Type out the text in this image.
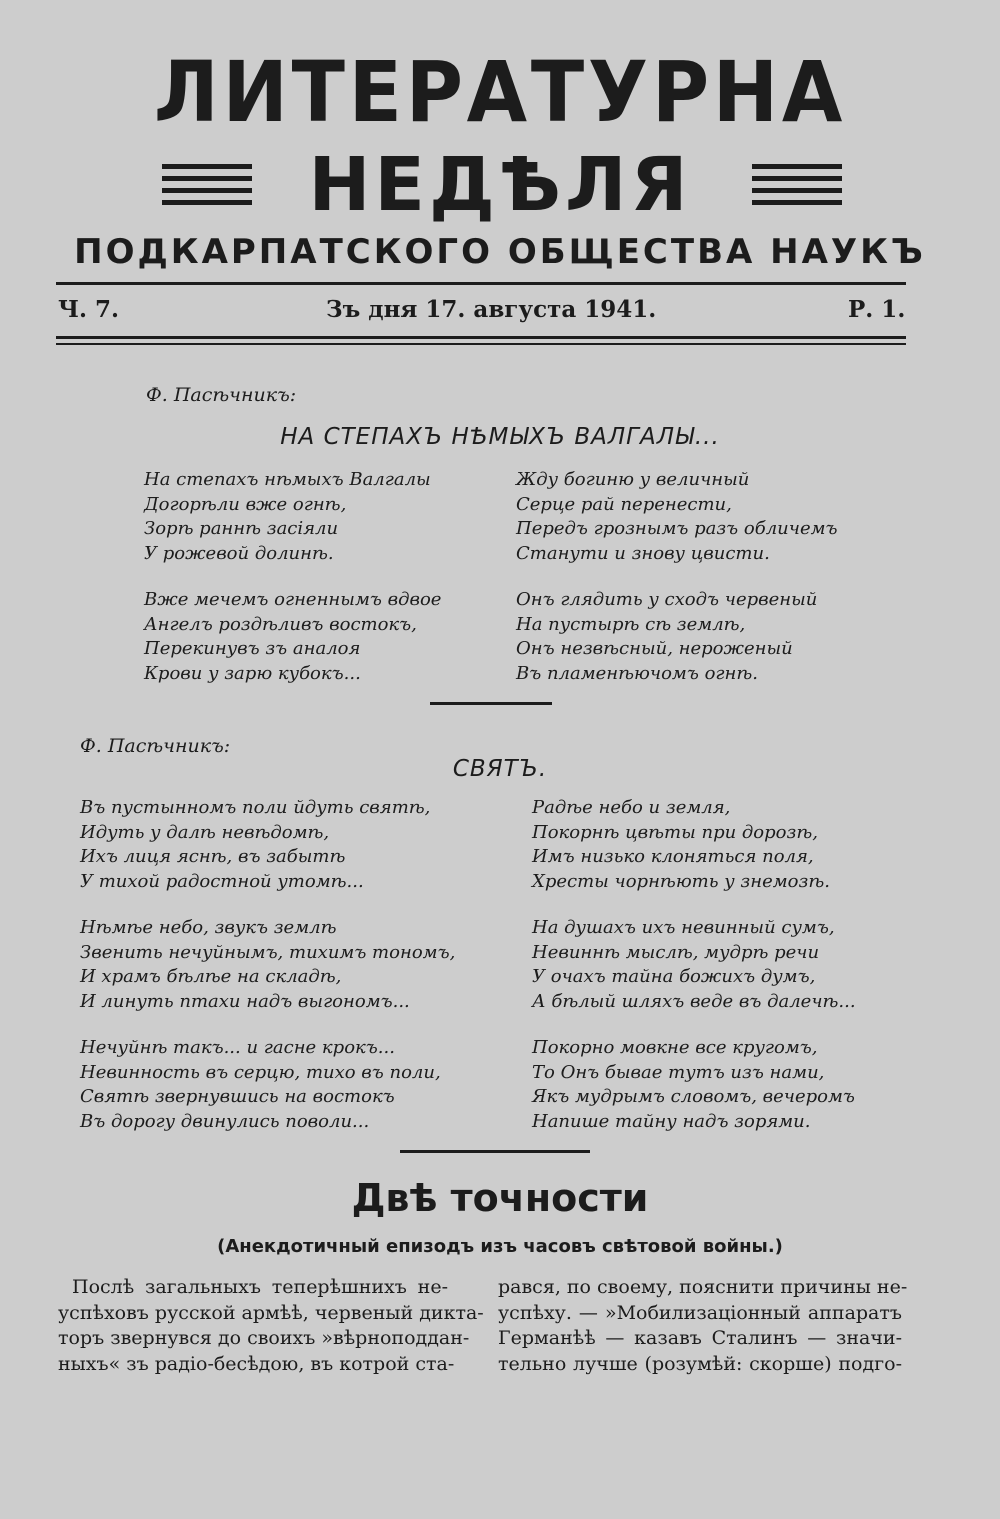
ЛИТЕРАТУРНА
НЕДѢЛЯ
ПОДКАРПАТСКОГО ОБЩЕСТВА НАУКЪ
Ч. 7.	Зъ дня 17. августа 1941.	Р. 1.
Ф. Пасѣчникъ:
НА СТЕПАХЪ НѢМЫХЪ ВАЛГАЛЫ...
На степахъ нѣмыхъ Валгалы
Догорѣли вже огнѣ,
Зорѣ раннѣ засіяли
У рожевой долинѣ.
Вже мечемъ огненнымъ вдвое
Ангелъ роздѣливъ востокъ,
Перекинувъ зъ аналоя
Крови у зарю кубокъ...
Жду богиню у величный
Серце рай перенести,
Передъ грознымъ разъ обличемъ
Станути и знову цвисти.
Онъ глядить у сходъ червеный
На пустырѣ сѣ землѣ,
Онъ незвѣсный, нероженый
Въ пламенѣючомъ огнѣ.
Ф. Пасѣчникъ:
СВЯТЪ.
Въ пустынномъ поли йдуть святѣ,
Идуть у далѣ невѣдомѣ,
Ихъ лиця яснѣ, въ забытѣ
У тихой радостной утомѣ...
Нѣмѣе небо, звукъ землѣ
Звенить нечуйнымъ, тихимъ тономъ,
И храмъ бѣлѣе на складѣ,
И линуть птахи надъ выгономъ...
Нечуйнѣ такъ... и гасне крокъ...
Невинность въ серцю, тихо въ поли,
Святѣ звернувшись на востокъ
Въ дорогу двинулись поволи...
Радѣе небо и земля,
Покорнѣ цвѣты при дорозѣ,
Имъ низько клоняться поля,
Хресты чорнѣють у знемозѣ.
На душахъ ихъ невинный сумъ,
Невиннѣ мыслѣ, мудрѣ речи
У очахъ тайна божихъ думъ,
А бѣлый шляхъ веде въ далечѣ...
Покорно мовкне все кругомъ,
То Онъ бывае тутъ изъ нами,
Якъ мудрымъ словомъ, вечеромъ
Напише тайну надъ зорями.
Двѣ точности
(Анекдотичный епизодъ изъ часовъ свѣтовой войны.)
Послѣ загальныхъ теперѣшнихъ не-
успѣховъ русской армѣѣ, червеный диктa-
торъ звернувся до своихъ »вѣрноподдан-
ныхъ« зъ радіо-бесѣдою, въ котрой ста-
рався, по своему, пояснити причины не-
успѣху. — »Мобилизаціонный аппаратъ
Германѣѣ — казавъ Сталинъ — значи-
тельно лучше (розумѣй: скорше) подго-
